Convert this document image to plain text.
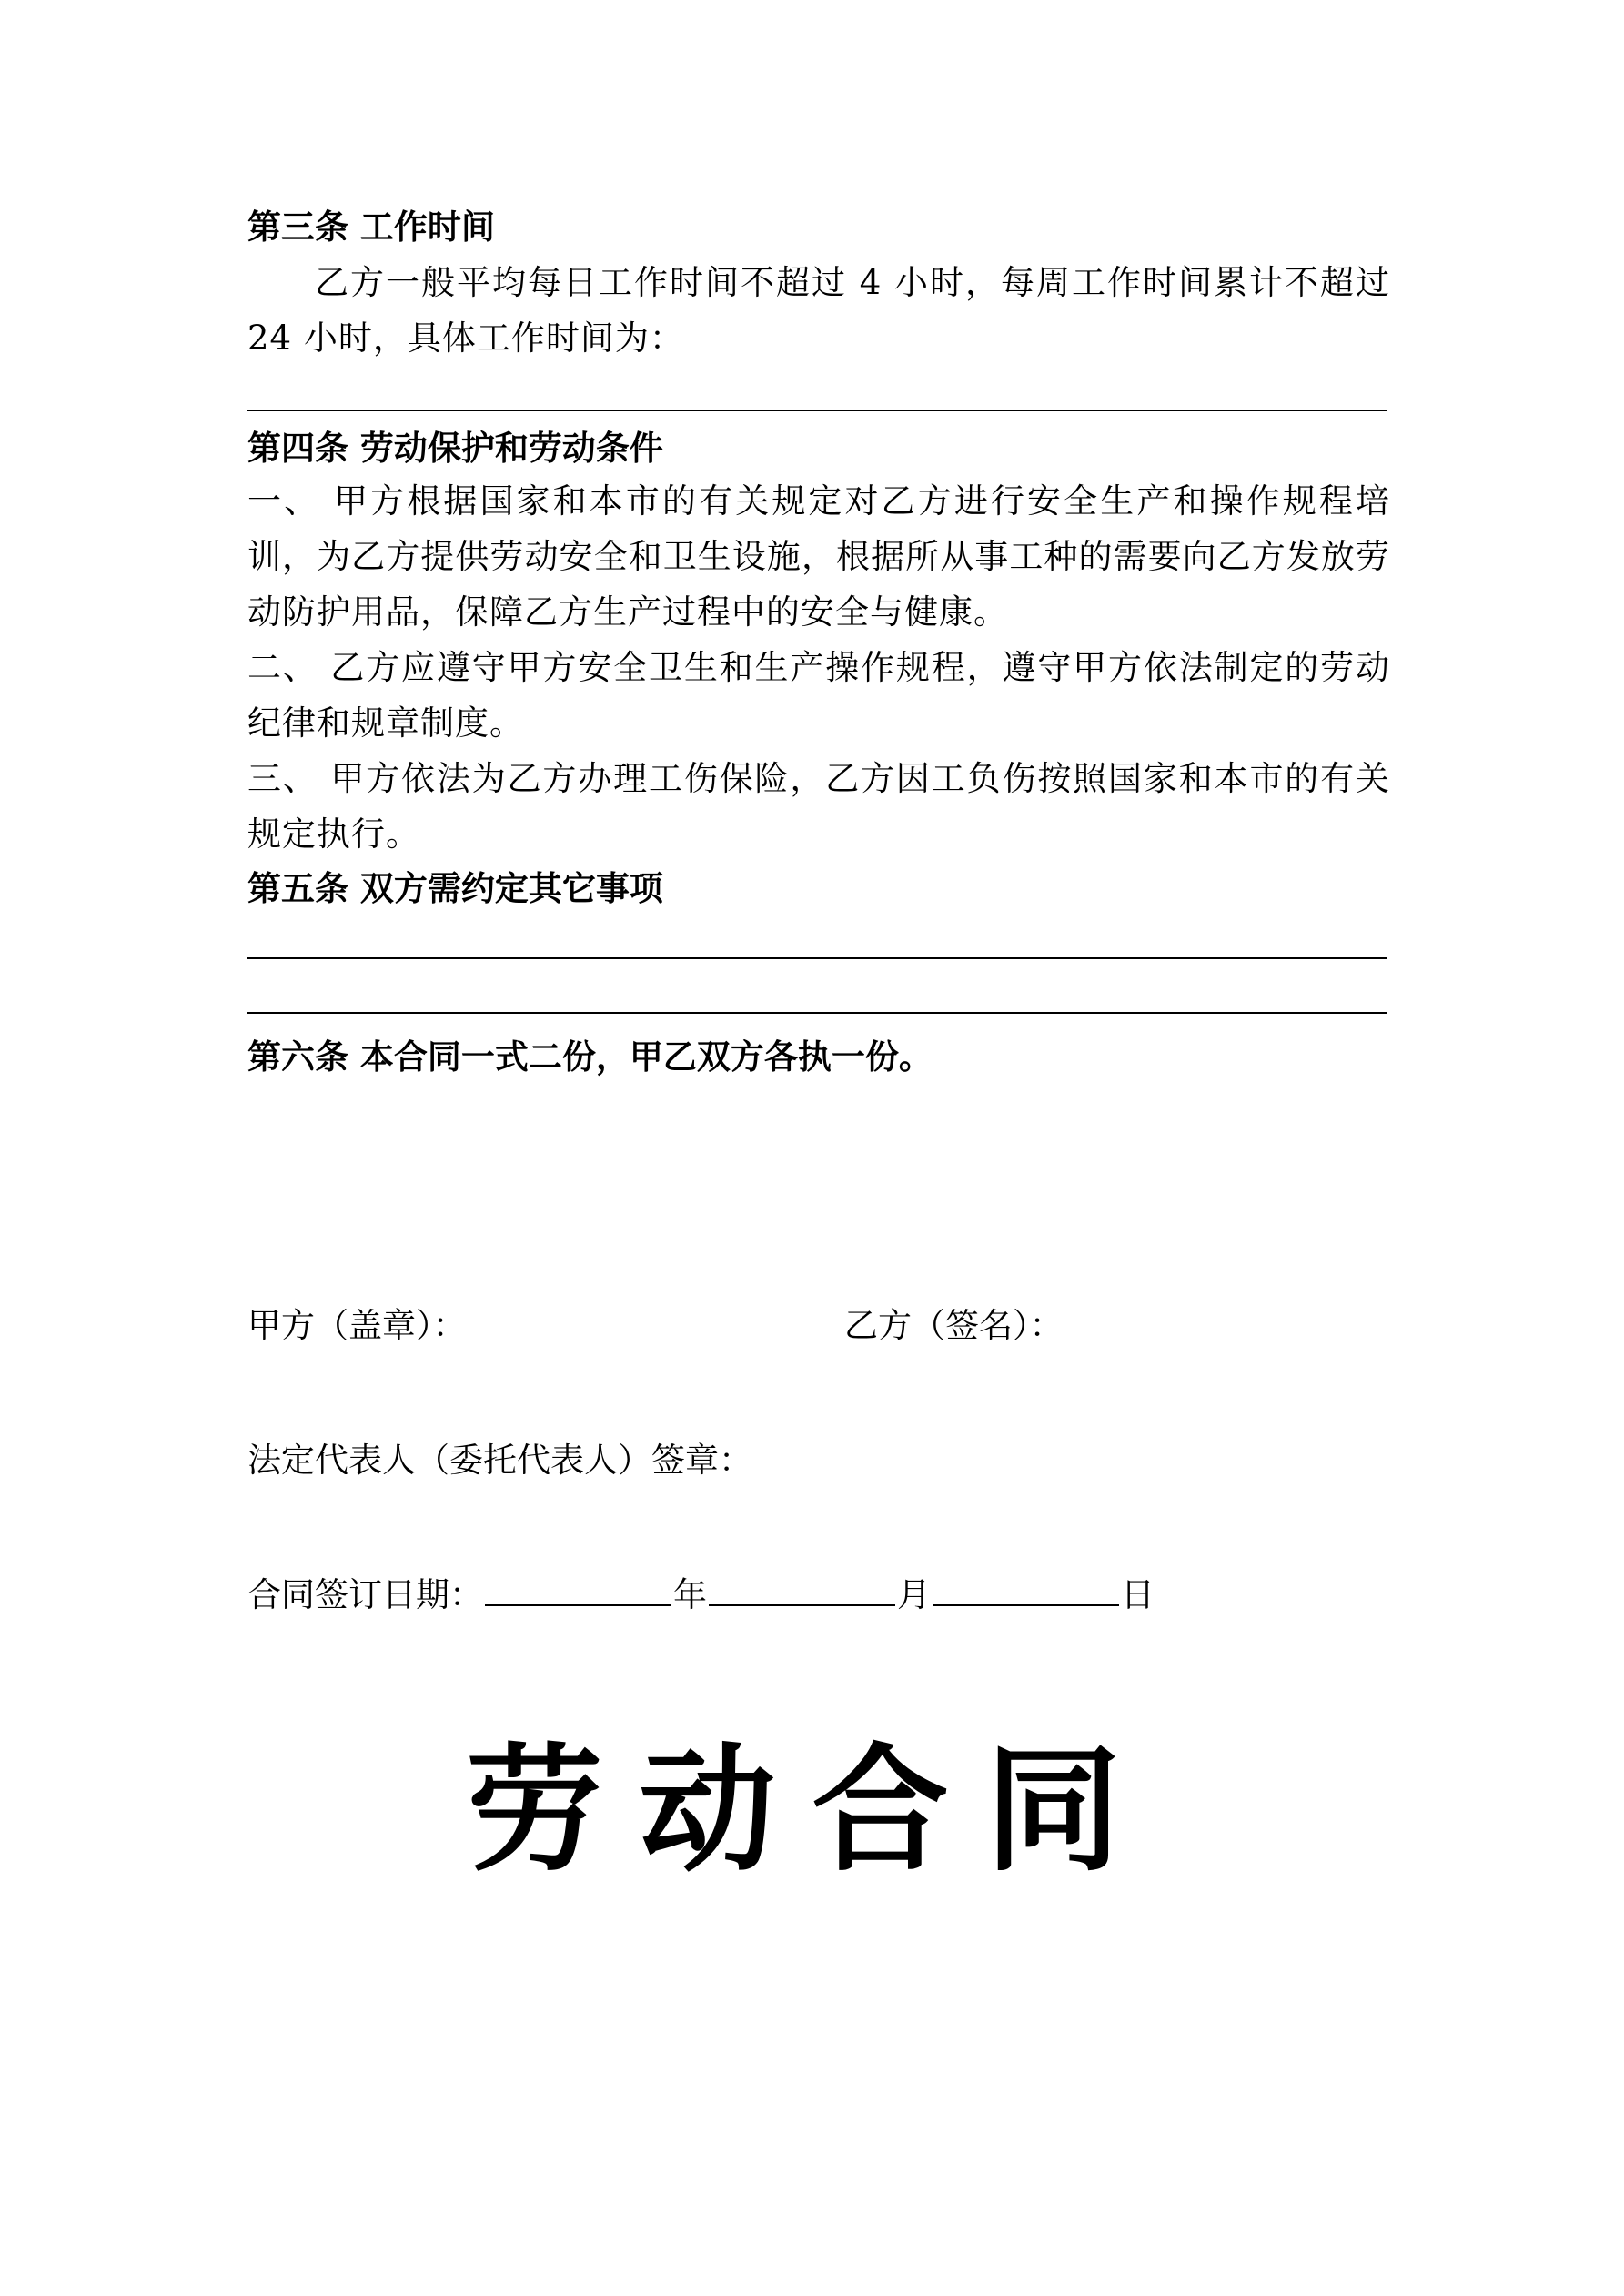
第三条 工作时间
乙方一般平均每日工作时间不超过 4 小时，每周工作时间累计不超过 24 小时，具体工作时间为：
第四条 劳动保护和劳动条件
一、 甲方根据国家和本市的有关规定对乙方进行安全生产和操作规程培训，为乙方提供劳动安全和卫生设施，根据所从事工种的需要向乙方发放劳动防护用品，保障乙方生产过程中的安全与健康。
二、 乙方应遵守甲方安全卫生和生产操作规程，遵守甲方依法制定的劳动纪律和规章制度。
三、 甲方依法为乙方办理工伤保险，乙方因工负伤按照国家和本市的有关规定执行。
第五条 双方需约定其它事项
第六条 本合同一式二份，甲乙双方各执一份。
甲方（盖章）：	乙方（签名）：
法定代表人（委托代表人）签章：
合同签订日期：	年	月	日
劳动合同
